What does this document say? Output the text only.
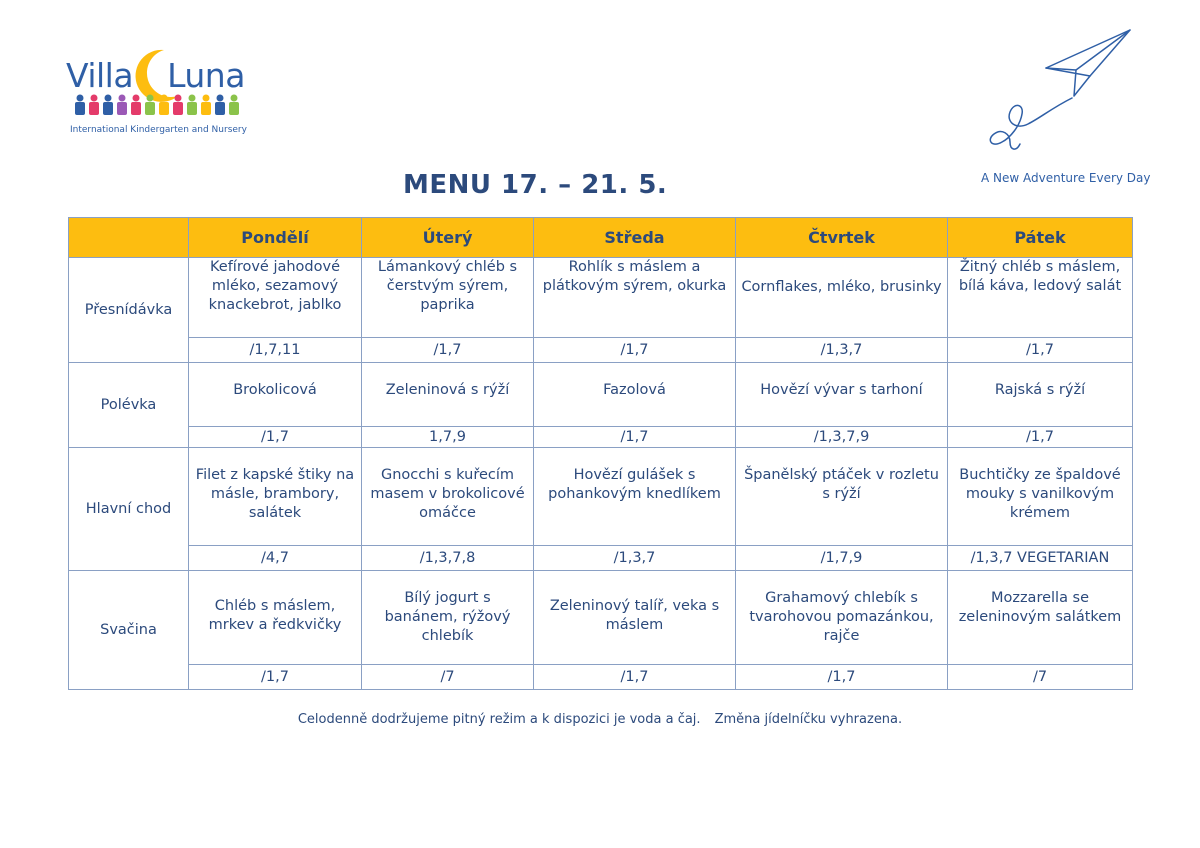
Villa Luna
International Kindergarten and Nursery
A New Adventure Every Day
MENU 17. – 21. 5.
	Pondělí	Úterý	Středa	Čtvrtek	Pátek
Přesnídávka	Kefírové jahodové mléko, sezamový knackebrot, jablko	Lámankový chléb s čerstvým sýrem, paprika	Rohlík s máslem a plátkovým sýrem, okurka	Cornflakes, mléko, brusinky	Žitný chléb s máslem, bílá káva, ledový salát
	/1,7,11	/1,7	/1,7	/1,3,7	/1,7
Polévka	Brokolicová	Zeleninová s rýží	Fazolová	Hovězí vývar s tarhoní	Rajská s rýží
	/1,7	1,7,9	/1,7	/1,3,7,9	/1,7
Hlavní chod	Filet z kapské štiky na másle, brambory, salátek	Gnocchi s kuřecím masem v brokolicové omáčce	Hovězí gulášek s pohankovým knedlíkem	Španělský ptáček v rozletu s rýží	Buchtičky ze špaldové mouky s vanilkovým krémem
	/4,7	/1,3,7,8	/1,3,7	/1,7,9	/1,3,7 VEGETARIAN
Svačina	Chléb s máslem, mrkev a ředkvičky	Bílý jogurt s banánem, rýžový chlebík	Zeleninový talíř, veka s máslem	Grahamový chlebík s tvarohovou pomazánkou, rajče	Mozzarella se zeleninovým salátkem
	/1,7	/7	/1,7	/1,7	/7
Celodenně dodržujeme pitný režim a k dispozici je voda a čaj. Změna jídelníčku vyhrazena.
